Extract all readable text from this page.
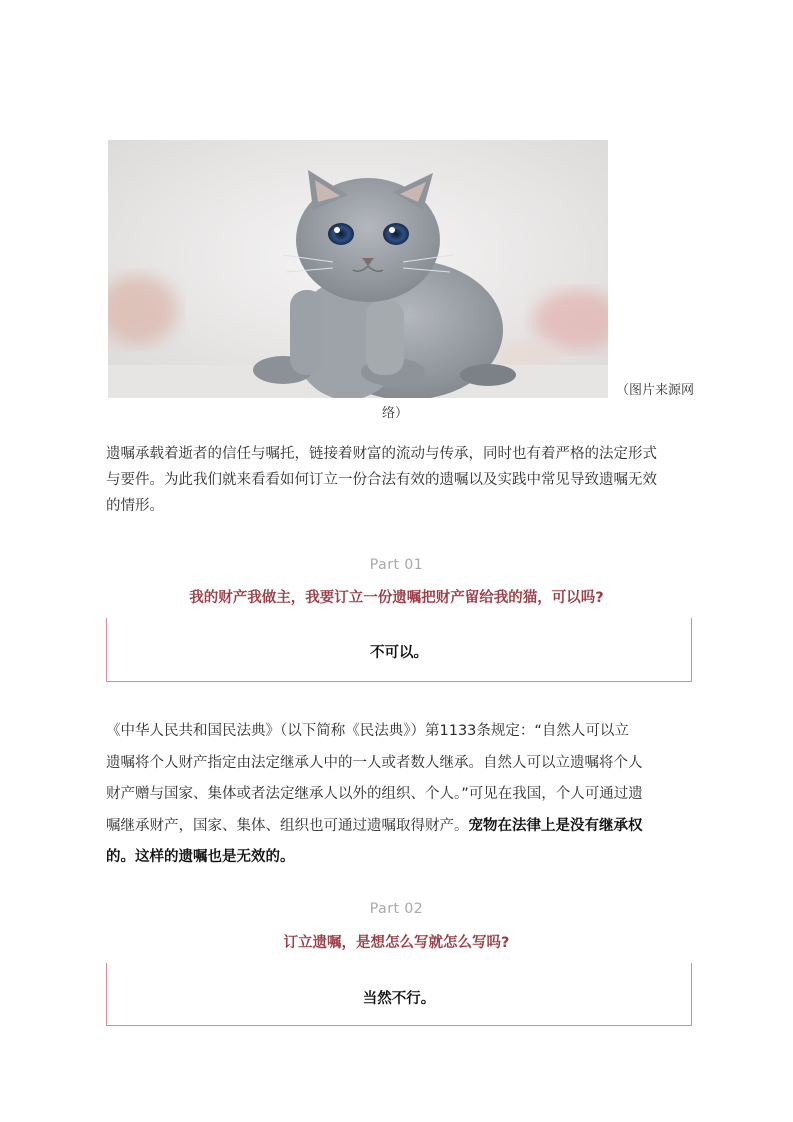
（图片来源网
络）

遗嘱承载着逝者的信任与嘱托，链接着财富的流动与传承，同时也有着严格的法定形式

与要件。为此我们就来看看如何订立一份合法有效的遗嘱以及实践中常见导致遗嘱无效

的情形。

Part 01
我的财产我做主，我要订立一份遗嘱把财产留给我的猫，可以吗?
不可以。

《中华人民共和国民法典》（以下简称《民法典》）第1133条规定：“自然人可以立

遗嘱将个人财产指定由法定继承人中的一人或者数人继承。自然人可以立遗嘱将个人

财产赠与国家、集体或者法定继承人以外的组织、个人。”可见在我国，个人可通过遗

嘱继承财产，国家、集体、组织也可通过遗嘱取得财产。宠物在法律上是没有继承权

的。这样的遗嘱也是无效的。

Part 02
订立遗嘱，是想怎么写就怎么写吗?
当然不行。
